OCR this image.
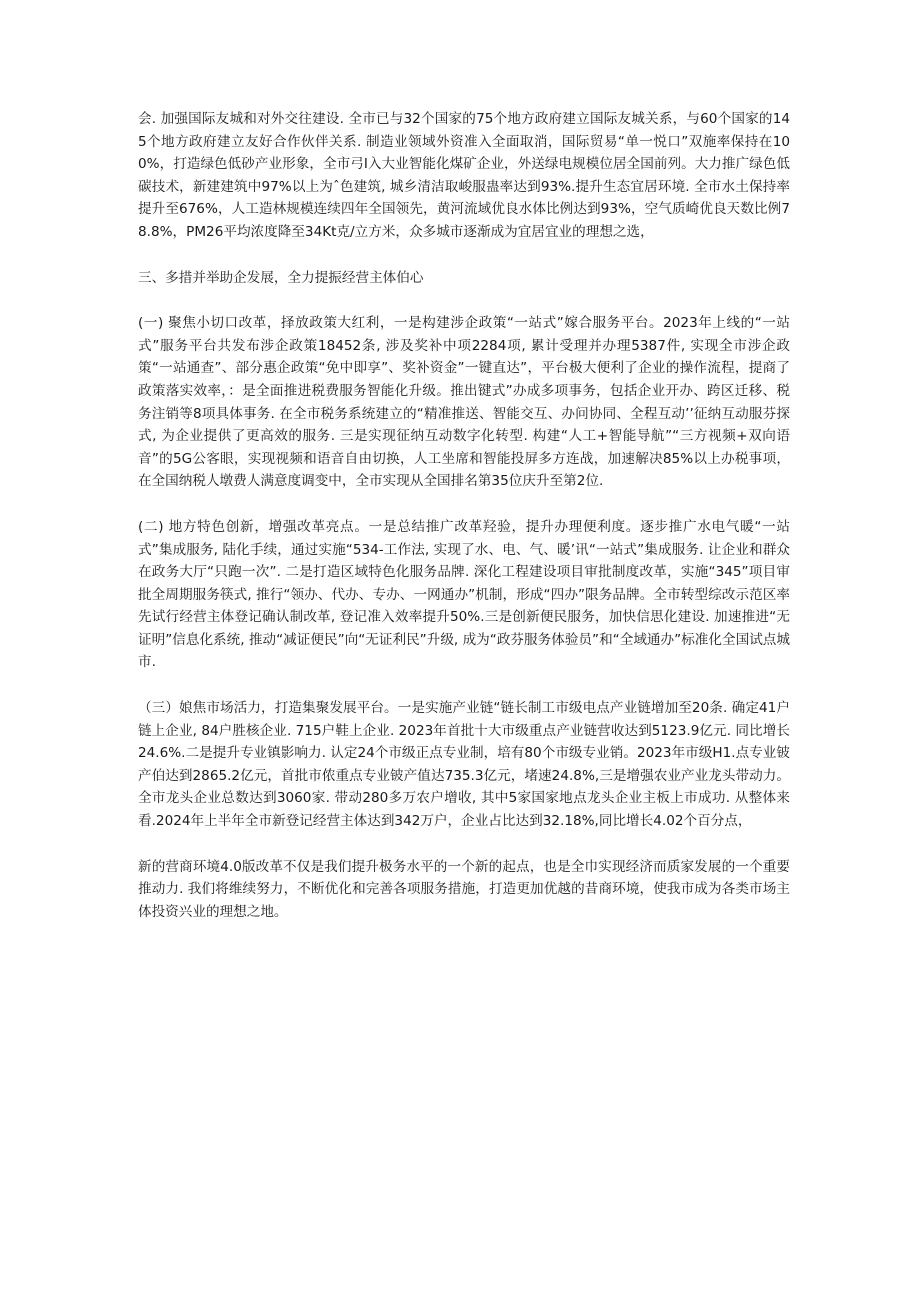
会. 加强国际友城和对外交往建设. 全市已与32个国家的75个地方政府建立国际友城关系，与60个国家的145个地方政府建立友好合作伙伴关系. 制造业领域外资准入全面取消，国际贸易“单一悦口”双施率保持在100%，打造绿色低砂产业形象，全市弓I入大业智能化煤矿企业，外送绿电规模位居全国前列。大力推广绿色低碳技术，新建建筑中97%以上为ˆ色建筑, 城乡清洁取峻服蛊率达到93%.提升生态宜居环境. 全市水土保持率提升至676%，人工造林规模连续四年全国领先，黄河流域优良水体比例达到93%，空气质崎优良天数比例78.8%，PM26平均浓度降至34Kt克/立方米，众多城市逐渐成为宜居宜业的理想之选，

三、多措并举助企发展，全力提振经营主体伯心

(一) 聚焦小切口改革，择放政策大红利，一是构建涉企政策“一站式”嫁合服务平台。2023年上线的“一站式”服务平台共发布涉企政策18452条, 涉及奖补中项2284项, 累计受理并办理5387件, 实现全市涉企政策“一站通查”、部分惠企政策“免中即享”、奖补资金”一键直达”，平台极大便利了企业的操作流程，提商了政策落实效率，：是全面推进税费服务智能化升级。推出键式”办成多项事务，包括企业开办、跨区迁移、税务注销等8项具体事务. 在全市税务系统建立的“精准推送、智能交互、办问协同、全程互动’’征纳互动服芬探式, 为企业提供了更高效的服务. 三是实现征纳互动数字化转型. 构建“人工+智能导航”“三方视频+双向语音”的5G公客眼，实现视频和语音自由切换，人工坐席和智能投屏多方连战，加速解决85%以上办税事项，在全国纳税人墩费人满意度调变中，全市实现从全国排名第35位庆升至第2位.

(二) 地方特色创新，增强改革亮点。一是总结推广改革羟验，提升办理便利度。逐步推广水电气暖“一站式”集成服务, 陆化手续，通过实施“534-工作法, 实现了水、电、气、暖’讯“一站式”集成服务. 让企业和群众在政务大厅“只跑一次”. 二是打造区域特色化服务品牌. 深化工程建设项目审批制度改革，实施“345”项目审批全周期服务筷式, 推行“领办、代办、专办、一网通办”机制，形成“四办”限务品牌。全市转型综改示范区率先试行经营主体登记确认制改革, 登记准入效率提升50%.三是创新便民服务，加快信思化建设. 加速推进“无证明”信息化系统, 推动“减证便民”向“无证利民”升级, 成为“政芬服务体验员”和“全域通办”标准化全国试点城市.

（三）娘焦市场活力，打造集聚发展平台。一是实施产业链“链长制工市级电点产业链增加至20条. 确定41户链上企业, 84户胜核企业. 715户鞋上企业. 2023年首批十大市级重点产业链营收达到5123.9亿元. 同比增长24.6%.二是提升专业镇影响力. 认定24个市级正点专业制，培有80个市级专业销。2023年市级H1.点专业铍产伯达到2865.2亿元，首批市侬重点专业铍产值达735.3亿元，堵速24.8%,三是增强农业产业龙头带动力。全市龙头企业总数达到3060家. 带动280多万农户增收, 其中5家国家地点龙头企业主板上市成功. 从整体来看.2024年上半年全市新登记经营主体达到342万户，企业占比达到32.18%,同比增长4.02个百分点，

新的营商环境4.0版改革不仅是我们提升极务水平的一个新的起点，也是全巾实现经济而质家发展的一个重要推动力. 我们将维续努力，不断优化和完善各项服务措施，打造更加优越的昔商环境，使我市成为各类市场主体投资兴业的理想之地。
